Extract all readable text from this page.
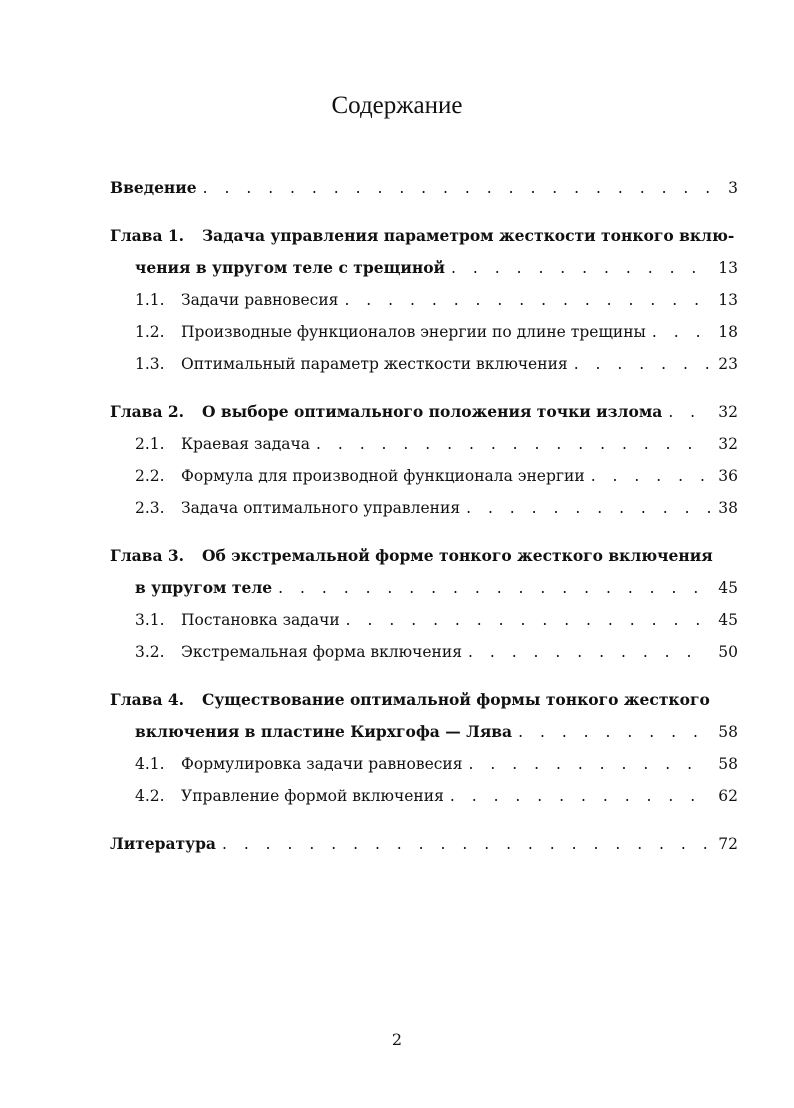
Содержание
Введение . . .	3
Глава 1.	Задача управления параметром жесткости тонкого вклю-
чения в упругом теле с трещиной . . .	13
1.1.	Задачи равновесия . . .	13
1.2.	Производные функционалов энергии по длине трещины . . .	18
1.3.	Оптимальный параметр жесткости включения . . .	23
Глава 2.	О выборе оптимального положения точки излома . . .	32
2.1.	Краевая задача . . .	32
2.2.	Формула для производной функционала энергии . . .	36
2.3.	Задача оптимального управления . . .	38
Глава 3.	Об экстремальной форме тонкого жесткого включения
в упругом теле . . .	45
3.1.	Постановка задачи . . .	45
3.2.	Экстремальная форма включения . . .	50
Глава 4.	Существование оптимальной формы тонкого жесткого
включения в пластине Кирхгофа — Лява . . .	58
4.1.	Формулировка задачи равновесия . . .	58
4.2.	Управление формой включения . . .	62
Литература . . .	72
2
